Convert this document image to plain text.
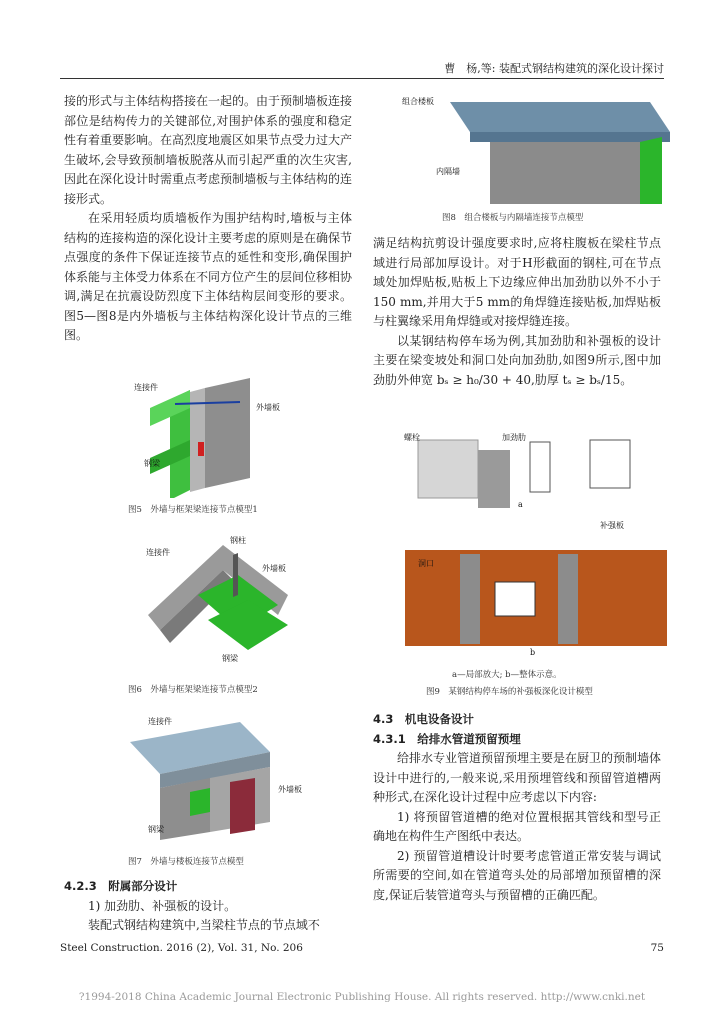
曹　杨,等: 装配式钢结构建筑的深化设计探讨

接的形式与主体结构搭接在一起的。由于预制墙板连接部位是结构传力的关键部位,对围护体系的强度和稳定性有着重要影响。在高烈度地震区如果节点受力过大产生破坏,会导致预制墙板脱落从而引起严重的次生灾害,因此在深化设计时需重点考虑预制墙板与主体结构的连接形式。

在采用轻质均质墙板作为围护结构时,墙板与主体结构的连接构造的深化设计主要考虑的原则是在确保节点强度的条件下保证连接节点的延性和变形,确保围护体系能与主体受力体系在不同方位产生的层间位移相协调,满足在抗震设防烈度下主体结构层间变形的要求。图5—图8是内外墙板与主体结构深化设计节点的三维图。

连接件
外墙板
钢梁
图5　外墙与框架梁连接节点模型1
钢柱
连接件
外墙板
钢梁
图6　外墙与框架梁连接节点模型2
连接件
外墙板
钢梁
图7　外墙与楼板连接节点模型

4.2.3　附属部分设计

1) 加劲肋、补强板的设计。

装配式钢结构建筑中,当梁柱节点的节点域不

组合楼板
内隔墙
图8　组合楼板与内隔墙连接节点模型

满足结构抗剪设计强度要求时,应将柱腹板在梁柱节点域进行局部加厚设计。对于H形截面的钢柱,可在节点域处加焊贴板,贴板上下边缘应伸出加劲肋以外不小于150 mm,并用大于5 mm的角焊缝连接贴板,加焊贴板与柱翼缘采用角焊缝或对接焊缝连接。

以某钢结构停车场为例,其加劲肋和补强板的设计主要在梁变坡处和洞口处向加劲肋,如图9所示,图中加劲肋外伸宽 bₛ ≥ h₀/30 + 40,肋厚 tₛ ≥ bₛ/15。

螺栓	加劲肋
a
补强板
洞口
b
a—局部放大; b—整体示意。
图9　某钢结构停车场的补强板深化设计模型

4.3　机电设备设计

4.3.1　给排水管道预留预埋

给排水专业管道预留预埋主要是在厨卫的预制墙体设计中进行的,一般来说,采用预埋管线和预留管道槽两种形式,在深化设计过程中应考虑以下内容:

1) 将预留管道槽的绝对位置根据其管线和型号正确地在构件生产图纸中表达。

2) 预留管道槽设计时要考虑管道正常安装与调试所需要的空间,如在管道弯头处的局部增加预留槽的深度,保证后装管道弯头与预留槽的正确匹配。

Steel Construction. 2016 (2), Vol. 31, No. 206	75
?1994-2018 China Academic Journal Electronic Publishing House. All rights reserved. http://www.cnki.net
